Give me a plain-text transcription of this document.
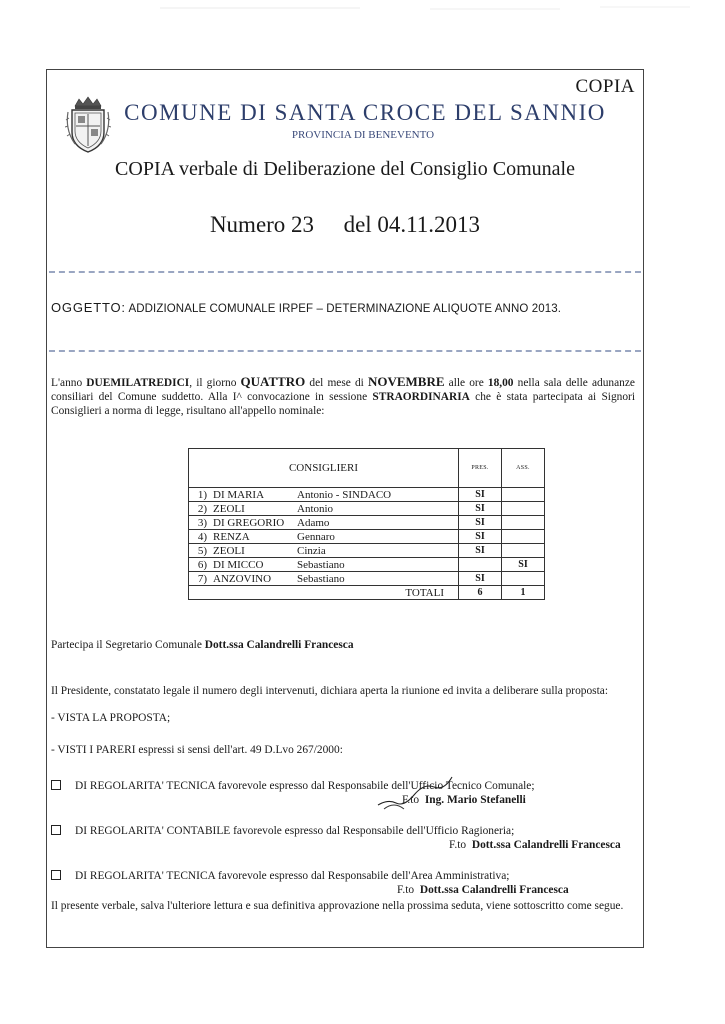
COPIA
COMUNE DI SANTA CROCE DEL SANNIO
PROVINCIA DI BENEVENTO
COPIA verbale di Deliberazione del Consiglio Comunale
Numero 23 del 04.11.2013
OGGETTO: ADDIZIONALE COMUNALE IRPEF – DETERMINAZIONE ALIQUOTE ANNO 2013.
L'anno DUEMILATREDICI, il giorno QUATTRO del mese di NOVEMBRE alle ore 18,00 nella sala delle adunanze consiliari del Comune suddetto. Alla I^ convocazione in sessione STRAORDINARIA che è stata partecipata ai Signori Consiglieri a norma di legge, risultano all'appello nominale:
CONSIGLIERI	PRES.	ASS.
1) DI MARIA Antonio - SINDACO	SI	
2) ZEOLI Antonio	SI	
3) DI GREGORIO Adamo	SI	
4) RENZA Gennaro	SI	
5) ZEOLI Cinzia	SI	
6) DI MICCO Sebastiano		SI
7) ANZOVINO Sebastiano	SI	
TOTALI	6	1
Partecipa il Segretario Comunale Dott.ssa Calandrelli Francesca
Il Presidente, constatato legale il numero degli intervenuti, dichiara aperta la riunione ed invita a deliberare sulla proposta:
- VISTA LA PROPOSTA;
- VISTI I PARERI espressi si sensi dell'art. 49 D.Lvo 267/2000:
DI REGOLARITA' TECNICA favorevole espresso dal Responsabile dell'Ufficio Tecnico Comunale;
F.to Ing. Mario Stefanelli
DI REGOLARITA' CONTABILE favorevole espresso dal Responsabile dell'Ufficio Ragioneria;
F.to Dott.ssa Calandrelli Francesca
DI REGOLARITA' TECNICA favorevole espresso dal Responsabile dell'Area Amministrativa;
F.to Dott.ssa Calandrelli Francesca
Il presente verbale, salva l'ulteriore lettura e sua definitiva approvazione nella prossima seduta, viene sottoscritto come segue.
